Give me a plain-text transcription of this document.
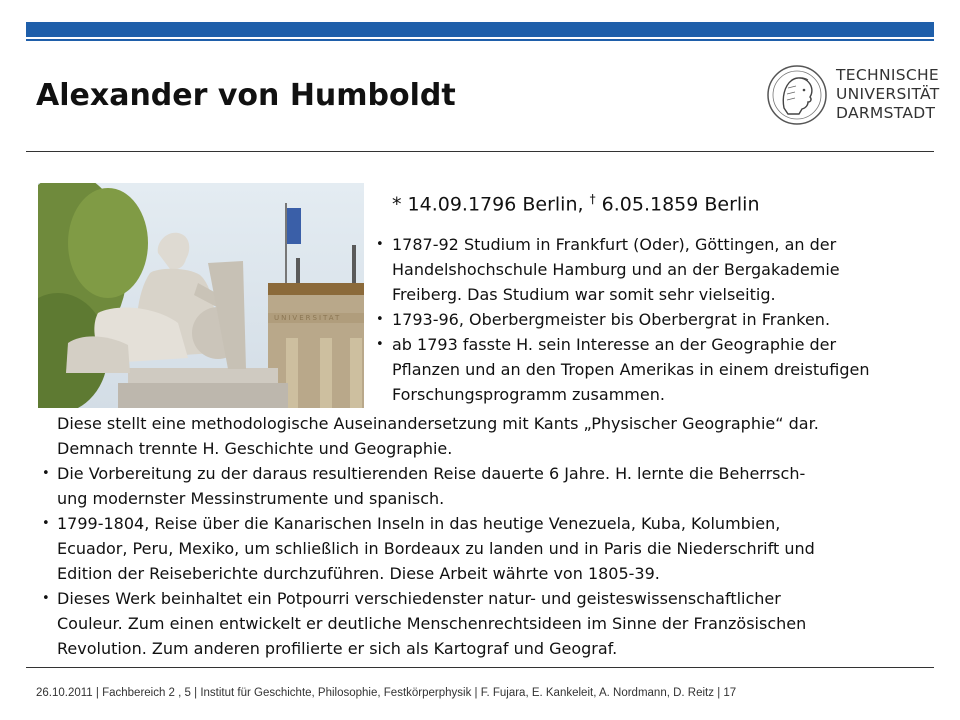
Alexander von Humboldt
TECHNISCHE
UNIVERSITÄT
DARMSTADT
* 14.09.1796 Berlin, † 6.05.1859 Berlin
• 1787-92 Studium in Frankfurt (Oder), Göttingen, an der
Handelshochschule Hamburg und an der Bergakademie
Freiberg. Das Studium war somit sehr vielseitig.
• 1793-96, Oberbergmeister bis Oberbergrat in Franken.
• ab 1793 fasste H. sein Interesse an der Geographie der
Pflanzen und an den Tropen Amerikas in einem dreistufigen
Forschungsprogramm zusammen.
Diese stellt eine methodologische Auseinandersetzung mit Kants „Physischer Geographie“ dar.
Demnach trennte H. Geschichte und Geographie.
• Die Vorbereitung zu der daraus resultierenden Reise dauerte 6 Jahre. H. lernte die Beherrsch-
ung modernster Messinstrumente und spanisch.
• 1799-1804, Reise über die Kanarischen Inseln in das heutige Venezuela, Kuba, Kolumbien,
Ecuador, Peru, Mexiko, um schließlich in Bordeaux zu landen und in Paris die Niederschrift und
Edition der Reiseberichte durchzuführen. Diese Arbeit währte von 1805-39.
• Dieses Werk beinhaltet ein Potpourri verschiedenster natur- und geisteswissenschaftlicher
Couleur. Zum einen entwickelt er deutliche Menschenrechtsideen im Sinne der Französischen
Revolution. Zum anderen profilierte er sich als Kartograf und Geograf.
26.10.2011 | Fachbereich 2 , 5 | Institut für Geschichte, Philosophie, Festkörperphysik | F. Fujara, E. Kankeleit, A. Nordmann, D. Reitz | 17
